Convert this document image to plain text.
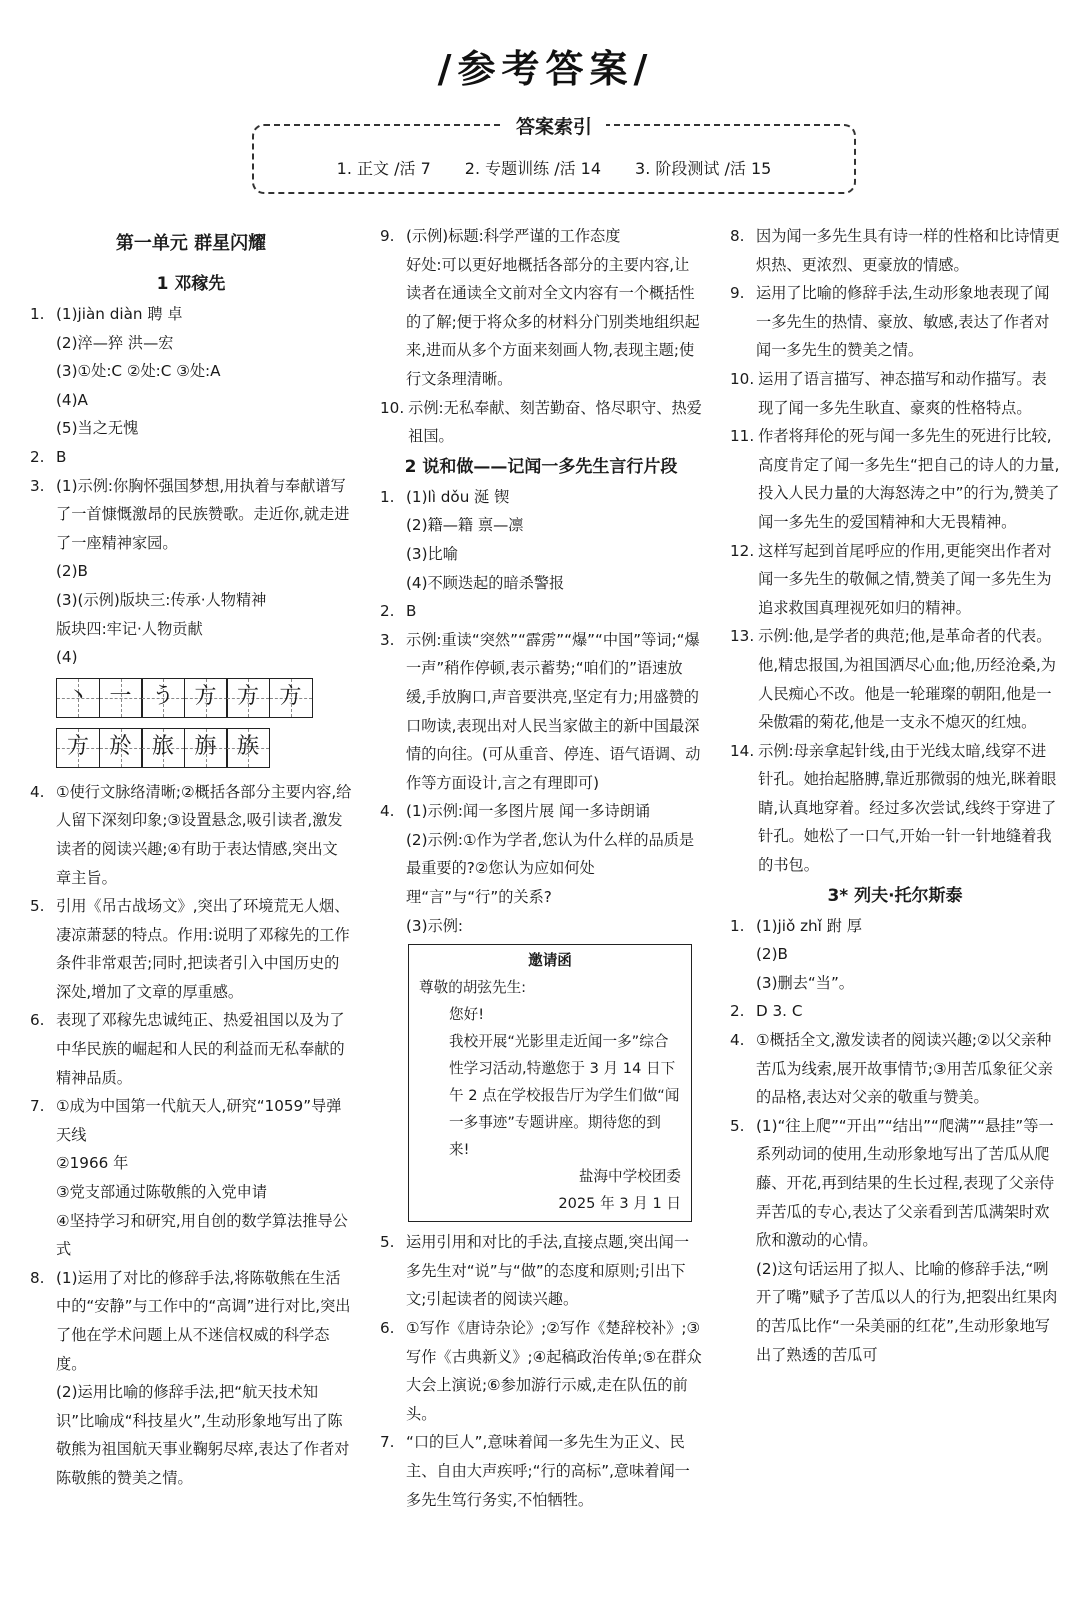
/参考答案/
答案索引
1. 正文 /活 7 2. 专题训练 /活 14 3. 阶段测试 /活 15
第一单元 群星闪耀
1 邓稼先
1. (1)jiàn diàn 聘 卓
(2)淬—猝 洪—宏
(3)①处:C ②处:C ③处:A
(4)A
(5)当之无愧
2. B
3. (1)示例:你胸怀强国梦想,用执着与奉献谱写了一首慷慨激昂的民族赞歌。走近你,就走进了一座精神家园。
(2)B
(3)(示例)版块三:传承·人物精神
版块四:牢记·人物贡献
(4)
丶 一 う 方 方 方
方 於 旅 旃 族
4. ①使行文脉络清晰;②概括各部分主要内容,给人留下深刻印象;③设置悬念,吸引读者,激发读者的阅读兴趣;④有助于表达情感,突出文章主旨。
5. 引用《吊古战场文》,突出了环境荒无人烟、凄凉萧瑟的特点。作用:说明了邓稼先的工作条件非常艰苦;同时,把读者引入中国历史的深处,增加了文章的厚重感。
6. 表现了邓稼先忠诚纯正、热爱祖国以及为了中华民族的崛起和人民的利益而无私奉献的精神品质。
7. ①成为中国第一代航天人,研究“1059”导弹天线
②1966 年
③党支部通过陈敬熊的入党申请
④坚持学习和研究,用自创的数学算法推导公式
8. (1)运用了对比的修辞手法,将陈敬熊在生活中的“安静”与工作中的“高调”进行对比,突出了他在学术问题上从不迷信权威的科学态度。
(2)运用比喻的修辞手法,把“航天技术知识”比喻成“科技星火”,生动形象地写出了陈敬熊为祖国航天事业鞠躬尽瘁,表达了作者对陈敬熊的赞美之情。
9. (示例)标题:科学严谨的工作态度
好处:可以更好地概括各部分的主要内容,让读者在通读全文前对全文内容有一个概括性的了解;便于将众多的材料分门别类地组织起来,进而从多个方面来刻画人物,表现主题;使行文条理清晰。
10. 示例:无私奉献、刻苦勤奋、恪尽职守、热爱祖国。
2 说和做——记闻一多先生言行片段
1. (1)lì dǒu 涎 锲
(2)籍—籍 禀—凛
(3)比喻
(4)不顾迭起的暗杀警报
2. B
3. 示例:重读“突然”“霹雳”“爆”“中国”等词;“爆一声”稍作停顿,表示蓄势;“咱们的”语速放缓,手放胸口,声音要洪亮,坚定有力;用盛赞的口吻读,表现出对人民当家做主的新中国最深情的向往。(可从重音、停连、语气语调、动作等方面设计,言之有理即可)
4. (1)示例:闻一多图片展 闻一多诗朗诵
(2)示例:①作为学者,您认为什么样的品质是最重要的?②您认为应如何处理“言”与“行”的关系?
(3)示例:
邀请函
尊敬的胡弦先生:
您好!
我校开展“光影里走近闻一多”综合性学习活动,特邀您于 3 月 14 日下午 2 点在学校报告厅为学生们做“闻一多事迹”专题讲座。期待您的到来!
盐海中学校团委
2025 年 3 月 1 日
5. 运用引用和对比的手法,直接点题,突出闻一多先生对“说”与“做”的态度和原则;引出下文;引起读者的阅读兴趣。
6. ①写作《唐诗杂论》;②写作《楚辞校补》;③写作《古典新义》;④起稿政治传单;⑤在群众大会上演说;⑥参加游行示威,走在队伍的前头。
7. “口的巨人”,意味着闻一多先生为正义、民主、自由大声疾呼;“行的高标”,意味着闻一多先生笃行务实,不怕牺牲。
8. 因为闻一多先生具有诗一样的性格和比诗情更炽热、更浓烈、更豪放的情感。
9. 运用了比喻的修辞手法,生动形象地表现了闻一多先生的热情、豪放、敏感,表达了作者对闻一多先生的赞美之情。
10. 运用了语言描写、神态描写和动作描写。表现了闻一多先生耿直、豪爽的性格特点。
11. 作者将拜伦的死与闻一多先生的死进行比较,高度肯定了闻一多先生“把自己的诗人的力量,投入人民力量的大海怒涛之中”的行为,赞美了闻一多先生的爱国精神和大无畏精神。
12. 这样写起到首尾呼应的作用,更能突出作者对闻一多先生的敬佩之情,赞美了闻一多先生为追求救国真理视死如归的精神。
13. 示例:他,是学者的典范;他,是革命者的代表。他,精忠报国,为祖国洒尽心血;他,历经沧桑,为人民痴心不改。他是一轮璀璨的朝阳,他是一朵傲霜的菊花,他是一支永不熄灭的红烛。
14. 示例:母亲拿起针线,由于光线太暗,线穿不进针孔。她抬起胳膊,靠近那微弱的烛光,眯着眼睛,认真地穿着。经过多次尝试,线终于穿进了针孔。她松了一口气,开始一针一针地缝着我的书包。
3* 列夫·托尔斯泰
1. (1)jiǒ zhǐ 跗 厚
(2)B
(3)删去“当”。
2. D 3. C
4. ①概括全文,激发读者的阅读兴趣;②以父亲种苦瓜为线索,展开故事情节;③用苦瓜象征父亲的品格,表达对父亲的敬重与赞美。
5. (1)“往上爬”“开出”“结出”“爬满”“悬挂”等一系列动词的使用,生动形象地写出了苦瓜从爬藤、开花,再到结果的生长过程,表现了父亲侍弄苦瓜的专心,表达了父亲看到苦瓜满架时欢欣和激动的心情。
(2)这句话运用了拟人、比喻的修辞手法,“咧开了嘴”赋予了苦瓜以人的行为,把裂出红果肉的苦瓜比作“一朵美丽的红花”,生动形象地写出了熟透的苦瓜可
